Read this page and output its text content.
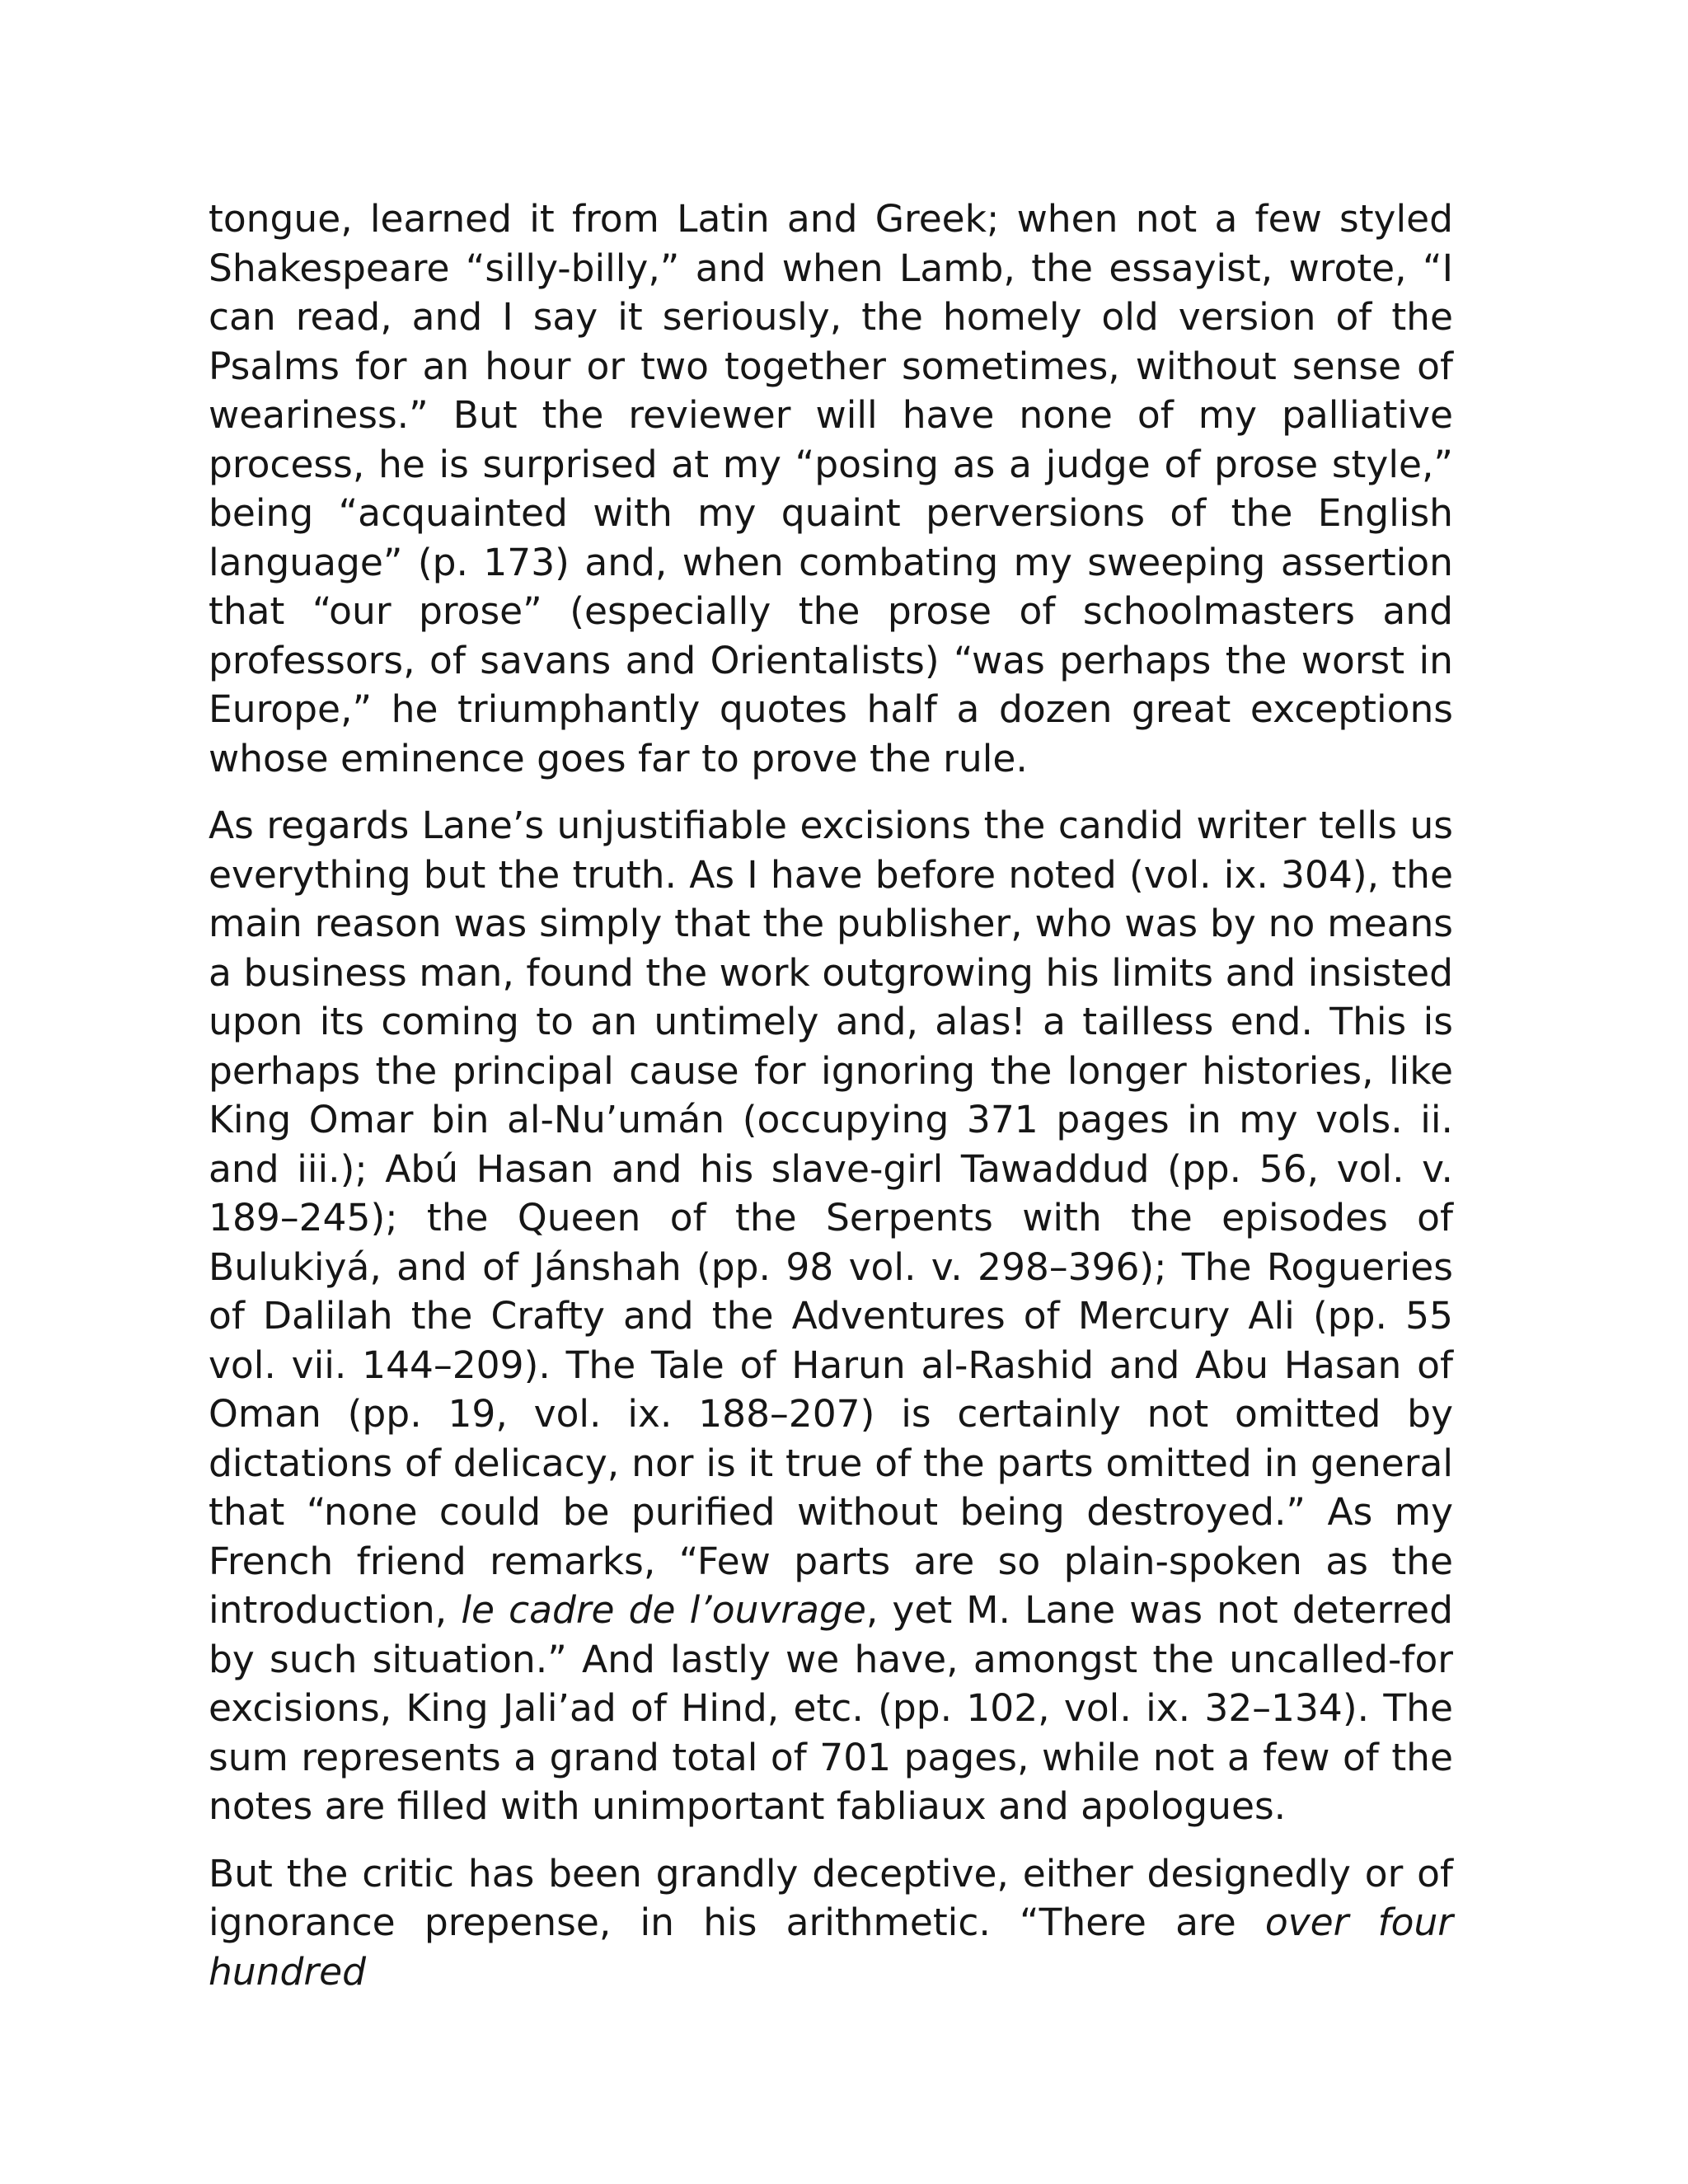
tongue, learned it from Latin and Greek; when not a few styled Shakespeare “silly-billy,” and when Lamb, the essayist, wrote, “I can read, and I say it seriously, the homely old version of the Psalms for an hour or two together sometimes, without sense of weariness.” But the reviewer will have none of my palliative process, he is surprised at my “posing as a judge of prose style,” being “acquainted with my quaint perversions of the English language” (p. 173) and, when combating my sweeping assertion that “our prose” (especially the prose of schoolmasters and professors, of savans and Orientalists) “was perhaps the worst in Europe,” he triumphantly quotes half a dozen great exceptions whose eminence goes far to prove the rule.

As regards Lane’s unjustifiable excisions the candid writer tells us everything but the truth. As I have before noted (vol. ix. 304), the main reason was simply that the publisher, who was by no means a business man, found the work outgrowing his limits and insisted upon its coming to an untimely and, alas! a tailless end. This is perhaps the principal cause for ignoring the longer histories, like King Omar bin al-Nu’umán (occupying 371 pages in my vols. ii. and iii.); Abú Hasan and his slave-girl Tawaddud (pp. 56, vol. v. 189–245); the Queen of the Serpents with the episodes of Bulukiyá, and of Jánshah (pp. 98 vol. v. 298–396); The Rogueries of Dalilah the Crafty and the Adventures of Mercury Ali (pp. 55 vol. vii. 144–209). The Tale of Harun al-Rashid and Abu Hasan of Oman (pp. 19, vol. ix. 188–207) is certainly not omitted by dictations of delicacy, nor is it true of the parts omitted in general that “none could be purified without being destroyed.” As my French friend remarks, “Few parts are so plain-spoken as the introduction, le cadre de l’ouvrage, yet M. Lane was not deterred by such situation.” And lastly we have, amongst the uncalled-for excisions, King Jali’ad of Hind, etc. (pp. 102, vol. ix. 32–134). The sum represents a grand total of 701 pages, while not a few of the notes are filled with unimportant fabliaux and apologues.

But the critic has been grandly deceptive, either designedly or of ignorance prepense, in his arithmetic. “There are over four hundred
